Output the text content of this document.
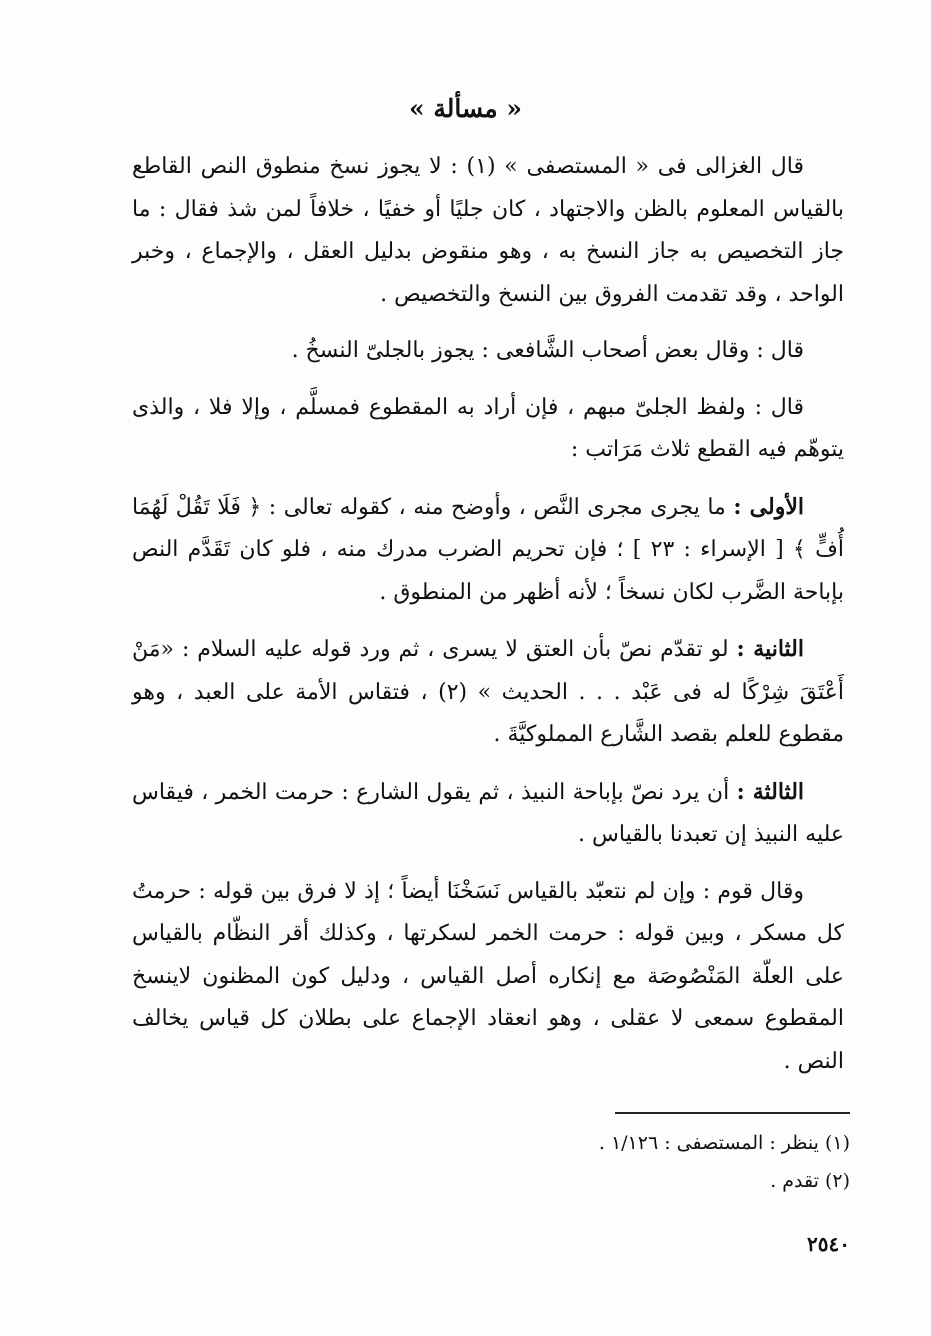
« مسألة »

قال الغزالى فى « المستصفى » (١) : لا يجوز نسخ منطوق النص القاطع بالقياس المعلوم بالظن والاجتهاد ، كان جليًا أو خفيًا ، خلافاً لمن شذ فقال : ما جاز التخصيص به جاز النسخ به ، وهو منقوض بدليل العقل ، والإجماع ، وخبر الواحد ، وقد تقدمت الفروق بين النسخ والتخصيص .

قال : وقال بعض أصحاب الشَّافعى : يجوز بالجلىّ النسخُ .

قال : ولفظ الجلىّ مبهم ، فإن أراد به المقطوع فمسلَّم ، وإلا فلا ، والذى يتوهّم فيه القطع ثلاث مَرَاتب :

الأولى : ما يجرى مجرى النَّص ، وأوضح منه ، كقوله تعالى : ﴿ فَلَا تَقُلْ لَهُمَا أُفٍّ ﴾ [ الإسراء : ٢٣ ] ؛ فإن تحريم الضرب مدرك منه ، فلو كان تَقَدَّم النص بإباحة الضَّرب لكان نسخاً ؛ لأنه أظهر من المنطوق .

الثانية : لو تقدّم نصّ بأن العتق لا يسرى ، ثم ورد قوله عليه السلام : «مَنْ أَعْتَقَ شِرْكًا له فى عَبْد . . . الحديث » (٢) ، فتقاس الأمة على العبد ، وهو مقطوع للعلم بقصد الشَّارع المملوكيَّةَ .

الثالثة : أن يرد نصّ بإباحة النبيذ ، ثم يقول الشارع : حرمت الخمر ، فيقاس عليه النبيذ إن تعبدنا بالقياس .

وقال قوم : وإن لم نتعبّد بالقياس نَسَخْنَا أيضاً ؛ إذ لا فرق بين قوله : حرمتُ كل مسكر ، وبين قوله : حرمت الخمر لسكرتها ، وكذلك أقر النظّام بالقياس على العلّة المَنْصُوصَة مع إنكاره أصل القياس ، ودليل كون المظنون لاينسخ المقطوع سمعى لا عقلى ، وهو انعقاد الإجماع على بطلان كل قياس يخالف النص .

(١) ينظر : المستصفى : ١/١٢٦ .
(٢) تقدم .
٢٥٤٠
